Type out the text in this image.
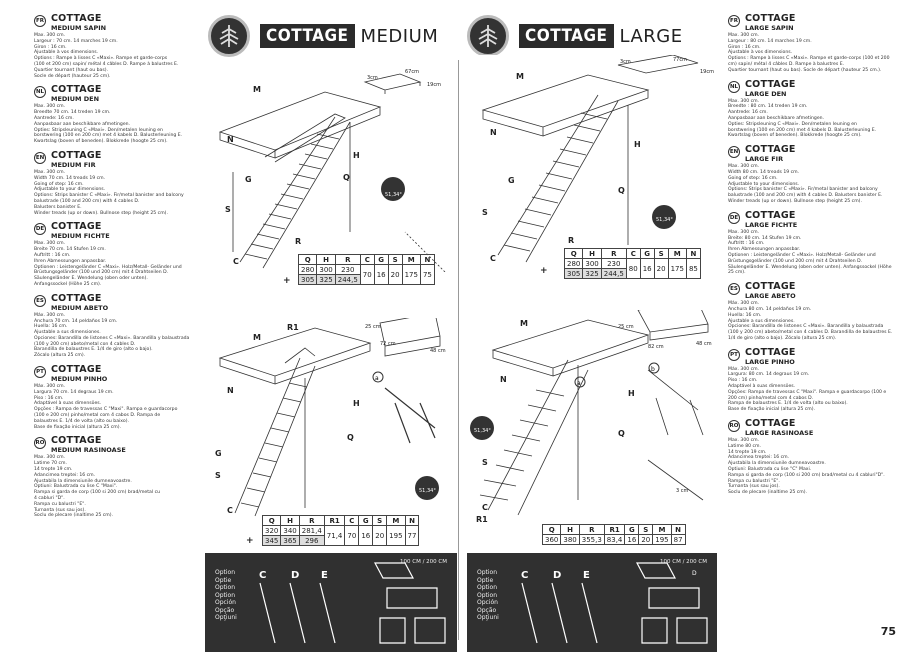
FR COTTAGE
MEDIUM SAPIN
Max. 300 cm.
Largeur : 70 cm. 14 marches 19 cm.
Giron : 16 cm.
Ajustable à vos dimensions.
Options : Rampe à lisses C «Maxi». Rampe et garde-corps
(100 et 200 cm) sapin/ métal 4 câbles D. Rampe à balustres E.
Quartier tournant (haut ou bas).
Socle de départ (hauteur 25 cm).
NL COTTAGE
MEDIUM DEN
Max. 300 cm.
Breedte 70 cm. 14 treden 19 cm.
Aantrede: 16 cm.
Aanpasbaar aan beschikbare afmetingen.
Opties: Stripsleuning C «Maxi». Den/metalen leuning en
borstwering (100 en 200 cm) met 4 kabels D. Balusterleuning E.
Kwartslag (boven of beneden). Blokkrede (hoogte 25 cm).
EN COTTAGE
MEDIUM FIR
Max. 300 cm.
Width 70 cm. 14 treads 19 cm.
Going of step: 16 cm.
Adjustable to your dimensions.
Options: Strips banister C «Maxi». Fir/metal banister and balcony
balustrade (100 and 200 cm) with 4 cables D.
Balusters banister E.
Winder treads (up or down). Bullnose step (height 25 cm).
DE COTTAGE
MEDIUM FICHTE
Max. 300 cm.
Breite 70 cm. 14 Stufen 19 cm.
Auftritt : 16 cm.
Ihren Abmessungen anpassbar.
Optionen : Leistengeländer C «Maxi». Holz/Metall- Geländer und
Brüstungsgeländer (100 und 200 cm) mit 4 Drahtseilen D.
Säulengeländer E. Wendelung (oben oder unten).
Anfangssockel (Höhe 25 cm).
ES COTTAGE
MEDIUM ABETO
Máx. 300 cm.
Anchura 70 cm. 14 peldaños 19 cm.
Huella: 16 cm.
Ajustable a sus dimensiones.
Opciones: Barandilla de listones C «Maxi». Barandilla y balaustrada
(100 y 200 cm) abeto/metal con 4 cables D.
Barandilla de balaustres E. 1/4 de giro (alto o bajo).
Zócalo (altura 25 cm).
PT COTTAGE
MEDIUM PINHO
Máx. 300 cm.
Largura 70 cm. 14 degraus 19 cm.
Piso : 16 cm.
Adaptável à suas dimensões.
Opções : Rampa de travessas C "Maxi". Rampa e guardacorpo
(100 e 200 cm) pinho/metal com 4 cabos D. Rampa de
balaustres E. 1/4 de volta (alto ou baixo).
Base de fixação inicial (altura 25 cm).
RO COTTAGE
MEDIUM RASINOASE
Max. 300 cm.
Latime 70 cm.
14 trepte 19 cm.
Adancimea treptei: 16 cm.
Ajustabila la dimensiunile dumneavoastre.
Optiuni: Balustrada cu lise C "Maxi".
Rampa si garda de corp (100 si 200 cm) brad/metal cu
4 cabluri "D".
Rampa cu balustri "E".
Turnanta (sus sau jos).
Soclu de plecare (inaltime 25 cm).
FR COTTAGE
LARGE SAPIN
Max. 300 cm.
Largeur : 80 cm. 14 marches 19 cm.
Giron : 16 cm.
Ajustable à vos dimensions.
Options : Rampe à lisses C «Maxi». Rampe et garde-corps (100 et 200
cm) sapin/ métal 4 câbles D. Rampe à balustres E.
Quartier tournant (haut ou bas). Socle de départ (hauteur 25 cm.).
NL COTTAGE
LARGE DEN
Max. 300 cm.
Breedte : 80 cm. 14 treden 19 cm.
Aantrede: 16 cm.
Aanpasbaar aan beschikbare afmetingen.
Opties: Stripsleuning C «Maxi». Den/metalen leuning en
borstwering (100 en 200 cm) met 4 kabels D. Balusterleuning E.
Kwartslag (boven of beneden). Blokkrede (hoogte 25 cm).
EN COTTAGE
LARGE FIR
Max. 300 cm.
Width 80 cm. 14 treads 19 cm.
Going of step: 16 cm.
Adjustable to your dimensions.
Options: Strips banister C «Maxi». Fir/metal banister and balcony
balustrade (100 and 200 cm) with 4 cables D. Balusters banister E.
Winder treads (up or down). Bullnose step (height 25 cm).
DE COTTAGE
LARGE FICHTE
Max. 300 cm.
Breite: 80 cm. 14 Stufen 19 cm.
Auftritt : 16 cm.
Ihren Abmessungen anpassbar.
Optionen : Leistengeländer C «Maxi». Holz/Metall- Geländer und
Brüstungsgeländer (100 und 200 cm) mit 4 Drahtseilen D.
Säulengeländer E. Wendelung (oben oder unten). Anfangssockel (Höhe
25 cm).
ES COTTAGE
LARGE ABETO
Máx. 300 cm.
Anchura 80 cm. 14 peldaños 19 cm.
Huella: 16 cm.
Ajustable a sus dimensiones.
Opciones: Barandilla de listones C «Maxi». Barandilla y balaustrada
(100 y 200 cm) abeto/metal con 4 cables D. Barandilla de balaustres E.
1/4 de giro (alto o bajo). Zócalo (altura 25 cm).
PT COTTAGE
LARGE PINHO
Máx. 300 cm.
Largura: 80 cm. 14 degraus 19 cm.
Piso : 16 cm.
Adaptável à suas dimensões.
Opções: Rampa de travessas C "Maxi". Rampa e guardacorpo (100 e
200 cm) pinho/metal com 4 cabos D.
Rampa de balaustres E. 1/4 de volta (alto ou baixo).
Base de fixação inicial (altura 25 cm).
RO COTTAGE
LARGE RASINOASE
Max. 300 cm.
Latime 80 cm.
14 trepte 19 cm.
Adancimea treptei: 16 cm.
Ajustabila la dimensiunile dumneavoastre.
Optiuni: Balustrada cu lise "C" Maxi.
Rampa si garda de corp (100 si 200 cm) brad/metal cu 4 cabluri"D".
Rampa cu balustri "E".
Turnanta (sus sau jos).
Soclu de plecare (inaltime 25 cm).
COTTAGE MEDIUM	COTTAGE LARGE
M
N
H
Q
G
S
C
R
3cm
67cm
19cm
51,34°
Q	H	R	C	G	S	M	N
280	300	230	70	16	20	175	75
305	325	244,5					
+
R1
M
N
H
Q
G
S
C
25 cm
72 cm
48 cm
a
51,34°
Q	H	R	R1	C	G	S	M	N
320	340	281,4	71,4	70	16	20	195	77
345	365	296						
+
M
N
H
Q
G
S
C
R
3cm	77cm
19cm
51,34°
Q	H	R	C	G	S	M	N
280	300	230	80	16	20	175	85
305	325	244,5					
+
M
N
H
Q
S
C
R1
25 cm
82 cm	48 cm
3 cm
a
b
51,34°
Q	H	R	R1	G	S	M	N
360	380	355,3	83,4	16	20	195	87
Option
Optie
Option
Option
Opción
Opção
Opţiuni
100 CM / 200 CM
C D E	Option
Optie
Option
Option
Opción
Opção
Opţiuni
100 CM / 200 CM
C D E	D
75
